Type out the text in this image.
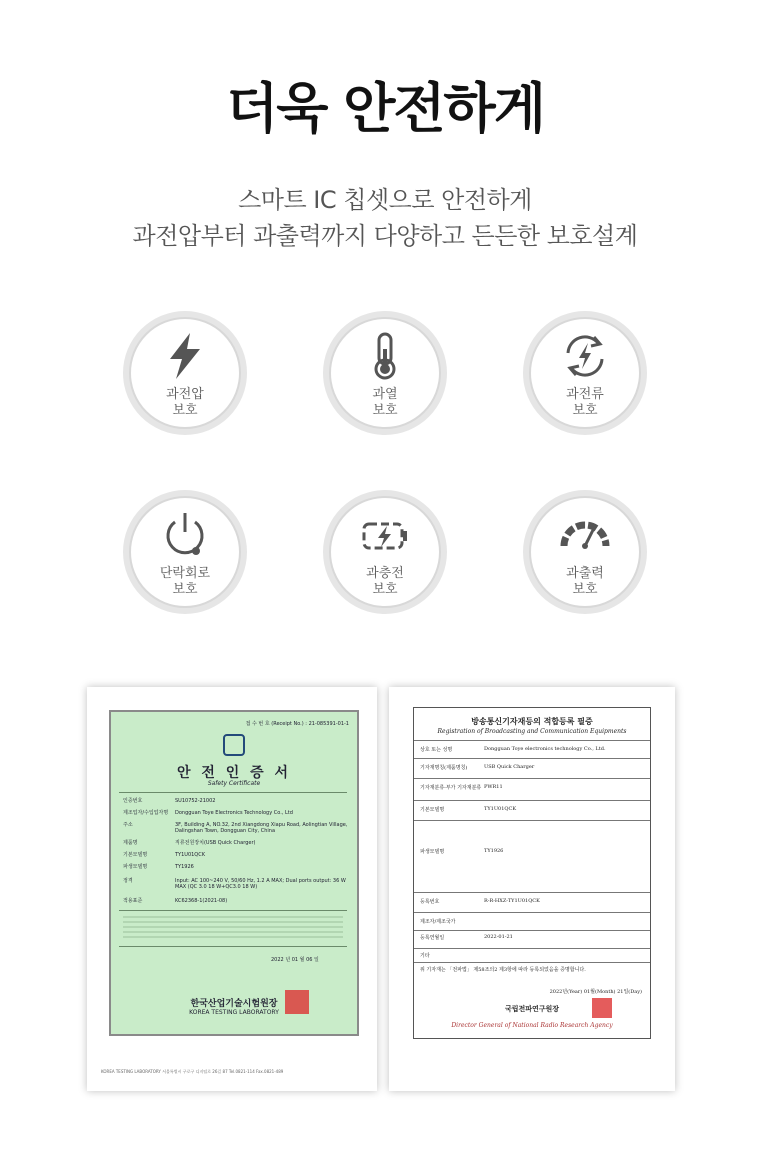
더욱 안전하게
스마트 IC 칩셋으로 안전하게
과전압부터 과출력까지 다양하고 든든한 보호설계
과전압
보호
과열
보호
과전류
보호
단락회로
보호
과충전
보호
과출력
보호
접 수 번 호 (Receipt No.) : 21-085391-01-1
안 전 인 증 서
Safety Certificate
인증번호	SU10752-21002
제조업자/수입업자명 Dongguan Toye Electronics Technology Co., Ltd
주소	3F, Building A, NO.32, 2nd Xiangdong Xiapu Road, Aolingtian Village, Dalingshan Town, Dongguan City, China
제품명	직류전원장치(USB Quick Charger)
기본모델명	TY1U01QCK
파생모델명	TY1926
정격	Input: AC 100~240 V, 50/60 Hz, 1.2 A MAX; Dual ports output: 36 W MAX (QC 3.0 18 W+QC3.0 18 W)
적용표준	KC62368-1(2021-08)
2022 년 01 월 06 일
한국산업기술시험원장
KOREA TESTING LABORATORY
KOREA TESTING LABORATORY 서울특별시 구로구 디지털로 26길 87 Tel.0821-114 Fax.0821-489
방송통신기자재등의 적합등록 필증
Registration of Broadcasting and Communication Equipments
상호 또는 성명	Dongguan Toye electronics technology Co., Ltd.
기자재명칭(제품명칭)	USB Quick Charger
기자재분류-부가 기자재분류 PWR11
기본모델명	TY1U01QCK
파생모델명	TY1926
등록번호	R-R-HXZ-TY1U01QCK
제조자/제조국가
등록연월일	2022-01-21
기타
위 기자재는 「전파법」 제58조의2 제3항에 따라 등록되었음을 증명합니다.
2022년(Year) 01월(Month) 21일(Day)
국립전파연구원장
Director General of National Radio Research Agency
